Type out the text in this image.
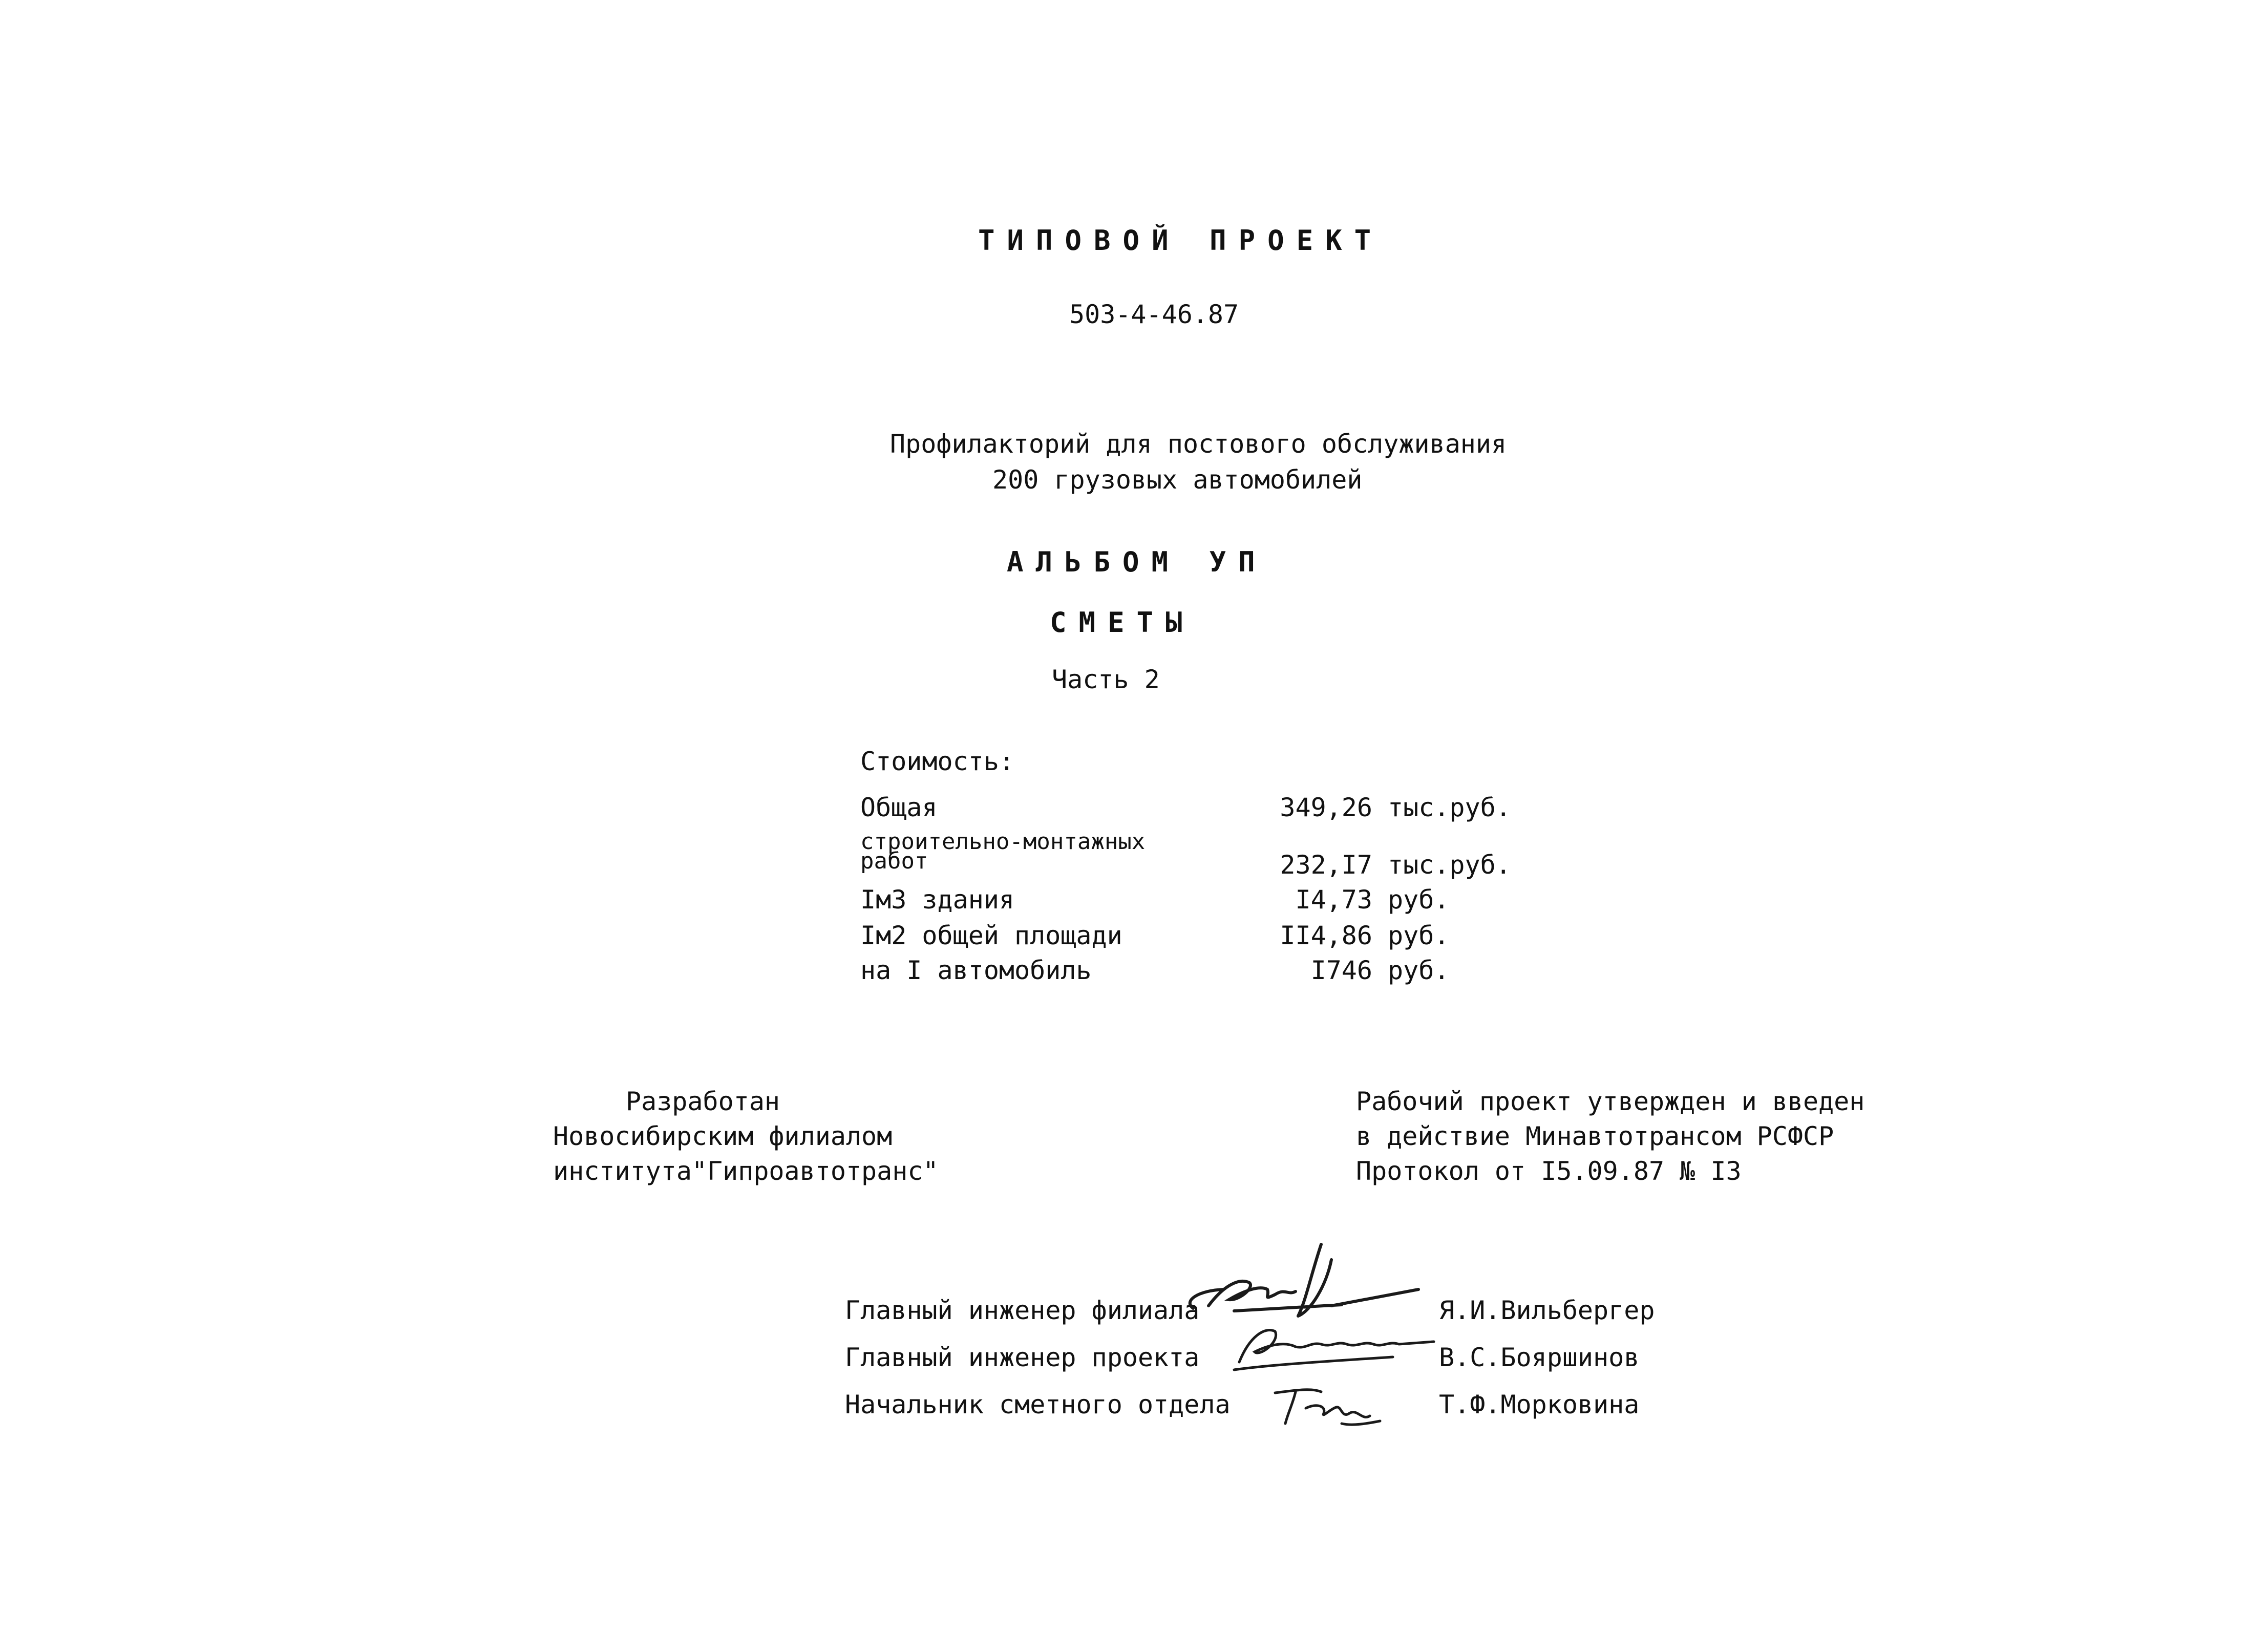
ТИПОВОЙ ПРОЕКТ
503-4-46.87
Профилакторий для постового обслуживания
200 грузовых автомобилей
АЛЬБОМ УП
СМЕТЫ
Часть 2
Стоимость:
Общая	349,26 тыс.руб.
строительно-монтажных
работ	232,I7 тыс.руб.
Iм3 здания	I4,73 руб.
Iм2 общей площади	II4,86 руб.
на I автомобиль	I746 руб.
Разработан
Новосибирским филиалом
института"Гипроавтотранс"
Рабочий проект утвержден и введен
в действие Минавтотрансом РСФСР
Протокол от I5.09.87 № I3
Главный инженер филиала	Я.И.Вильбергер
Главный инженер проекта	В.С.Бояршинов
Начальник сметного отдела	Т.Ф.Морковина
